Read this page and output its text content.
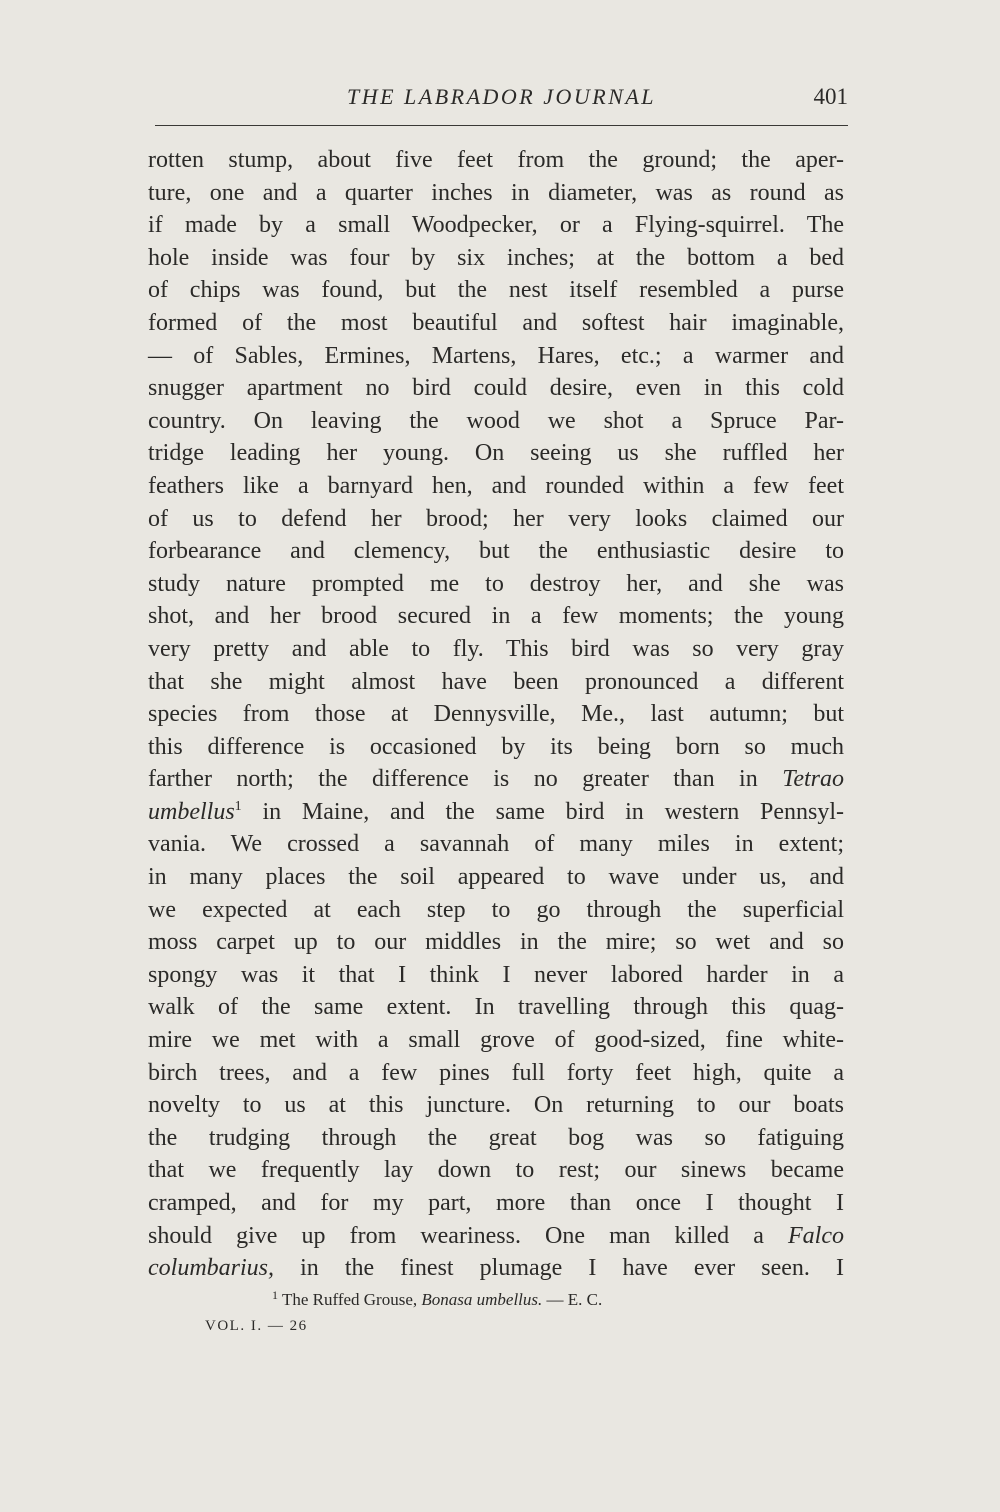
THE LABRADOR JOURNAL	401
rotten stump, about five feet from the ground; the aper-
ture, one and a quarter inches in diameter, was as round as
if made by a small Woodpecker, or a Flying-squirrel. The
hole inside was four by six inches; at the bottom a bed
of chips was found, but the nest itself resembled a purse
formed of the most beautiful and softest hair imaginable,
— of Sables, Ermines, Martens, Hares, etc.; a warmer and
snugger apartment no bird could desire, even in this cold
country. On leaving the wood we shot a Spruce Par-
tridge leading her young. On seeing us she ruffled her
feathers like a barnyard hen, and rounded within a few feet
of us to defend her brood; her very looks claimed our
forbearance and clemency, but the enthusiastic desire to
study nature prompted me to destroy her, and she was
shot, and her brood secured in a few moments; the young
very pretty and able to fly. This bird was so very gray
that she might almost have been pronounced a different
species from those at Dennysville, Me., last autumn; but
this difference is occasioned by its being born so much
farther north; the difference is no greater than in Tetrao
umbellus$^1$ in Maine, and the same bird in western Pennsyl-
vania. We crossed a savannah of many miles in extent;
in many places the soil appeared to wave under us, and
we expected at each step to go through the superficial
moss carpet up to our middles in the mire; so wet and so
spongy was it that I think I never labored harder in a
walk of the same extent. In travelling through this quag-
mire we met with a small grove of good-sized, fine white-
birch trees, and a few pines full forty feet high, quite a
novelty to us at this juncture. On returning to our boats
the trudging through the great bog was so fatiguing
that we frequently lay down to rest; our sinews became
cramped, and for my part, more than once I thought I
should give up from weariness. One man killed a Falco
columbarius, in the finest plumage I have ever seen. I
$^1$ The Ruffed Grouse, Bonasa umbellus. — E. C.
VOL. I. — 26
